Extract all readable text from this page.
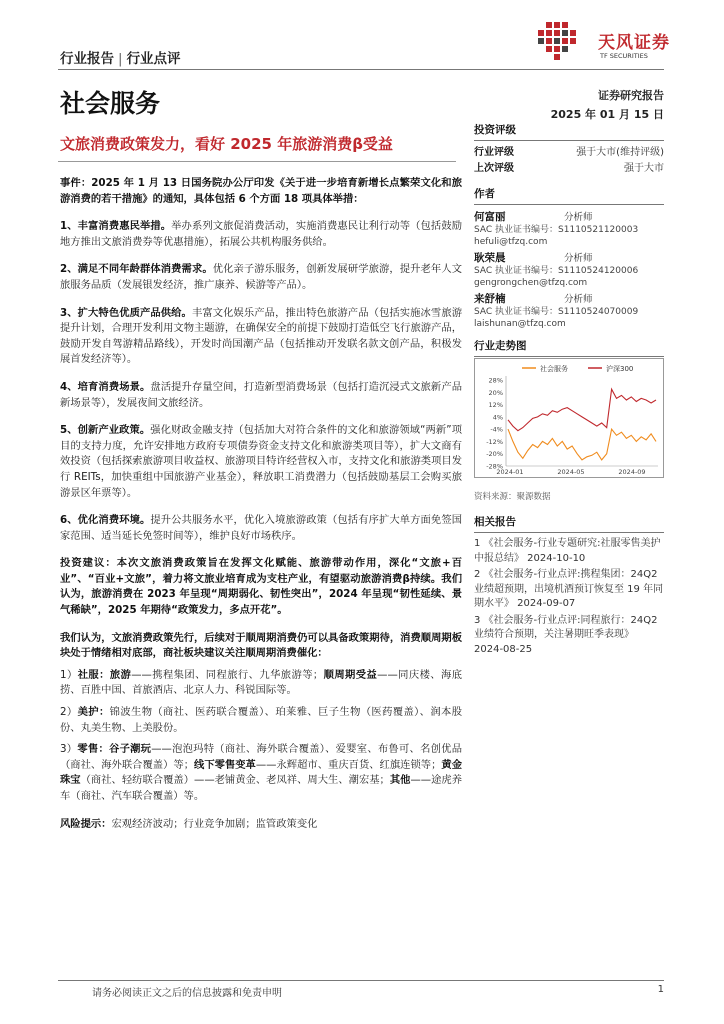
行业报告 | 行业点评
天风证券
TF SECURITIES
社会服务	证券研究报告
2025 年 01 月 15 日
文旅消费政策发力，看好 2025 年旅游消费β受益

事件：2025 年 1 月 13 日国务院办公厅印发《关于进一步培育新增长点繁荣文化和旅游消费的若干措施》的通知，具体包括 6 个方面 18 项具体举措：

1、丰富消费惠民举措。举办系列文旅促消费活动，实施消费惠民让利行动等（包括鼓励地方推出文旅消费券等优惠措施），拓展公共机构服务供给。

2、满足不同年龄群体消费需求。优化亲子游乐服务，创新发展研学旅游，提升老年人文旅服务品质（发展银发经济，推广康养、候游等产品）。

3、扩大特色优质产品供给。丰富文化娱乐产品，推出特色旅游产品（包括实施冰雪旅游提升计划，合理开发利用文物主题游，在确保安全的前提下鼓励打造低空飞行旅游产品，鼓励开发自驾游精品路线），开发时尚国潮产品（包括推动开发联名款文创产品，积极发展首发经济等）。

4、培育消费场景。盘活提升存量空间，打造新型消费场景（包括打造沉浸式文旅新产品新场景等），发展夜间文旅经济。

5、创新产业政策。强化财政金融支持（包括加大对符合条件的文化和旅游领域“两新”项目的支持力度，允许安排地方政府专项债券资金支持文化和旅游类项目等），扩大文商有效投资（包括探索旅游项目收益权、旅游项目特许经营权入市，支持文化和旅游类项目发行 REITs，加快重组中国旅游产业基金），释放职工消费潜力（包括鼓励基层工会购买旅游景区年票等）。

6、优化消费环境。提升公共服务水平，优化入境旅游政策（包括有序扩大单方面免签国家范围、适当延长免签时间等），维护良好市场秩序。

投资建议：本次文旅消费政策旨在发挥文化赋能、旅游带动作用，深化“文旅+百业”、“百业+文旅”，着力将文旅业培育成为支柱产业，有望驱动旅游消费β持续。我们认为，旅游消费在 2023 年呈现“周期弱化、韧性突出”，2024 年呈现“韧性延续、景气稀缺”，2025 年期待“政策发力，多点开花”。

我们认为，文旅消费政策先行，后续对于顺周期消费仍可以具备政策期待，消费顺周期板块处于情绪相对底部，商社板块建议关注顺周期消费催化：

1）社服：旅游——携程集团、同程旅行、九华旅游等；顺周期受益——同庆楼、海底捞、百胜中国、首旅酒店、北京人力、科锐国际等。

2）美护：锦波生物（商社、医药联合覆盖）、珀莱雅、巨子生物（医药覆盖）、润本股份、丸美生物、上美股份。

3）零售：谷子潮玩——泡泡玛特（商社、海外联合覆盖）、爱婴室、布鲁可、名创优品（商社、海外联合覆盖）等；线下零售变革——永辉超市、重庆百货、红旗连锁等；黄金珠宝（商社、轻纺联合覆盖）——老铺黄金、老凤祥、周大生、潮宏基；其他——途虎养车（商社、汽车联合覆盖）等。

风险提示：宏观经济波动；行业竞争加剧；监管政策变化

投资评级
行业评级	强于大市(维持评级)
上次评级	强于大市
作者
何富丽	分析师
SAC 执业证书编号：S1110521120003
hefuli@tfzq.com
耿荣晨	分析师
SAC 执业证书编号：S1110524120006
gengrongchen@tfzq.com
来舒楠	分析师
SAC 执业证书编号：S1110524070009
laishunan@tfzq.com
行业走势图
社会服务	沪深300
28%
20%
12%
4%
-4%
-12%
-20%
-28%
2024-01	2024-05	2024-09
资料来源：聚源数据
相关报告

1 《社会服务-行业专题研究:社服零售美护中报总结》 2024-10-10

2 《社会服务-行业点评:携程集团：24Q2 业绩超预期，出境机酒预订恢复至 19 年同期水平》 2024-09-07

3 《社会服务-行业点评:同程旅行：24Q2 业绩符合预期，关注暑期旺季表现》 2024-08-25

请务必阅读正文之后的信息披露和免责申明	1
